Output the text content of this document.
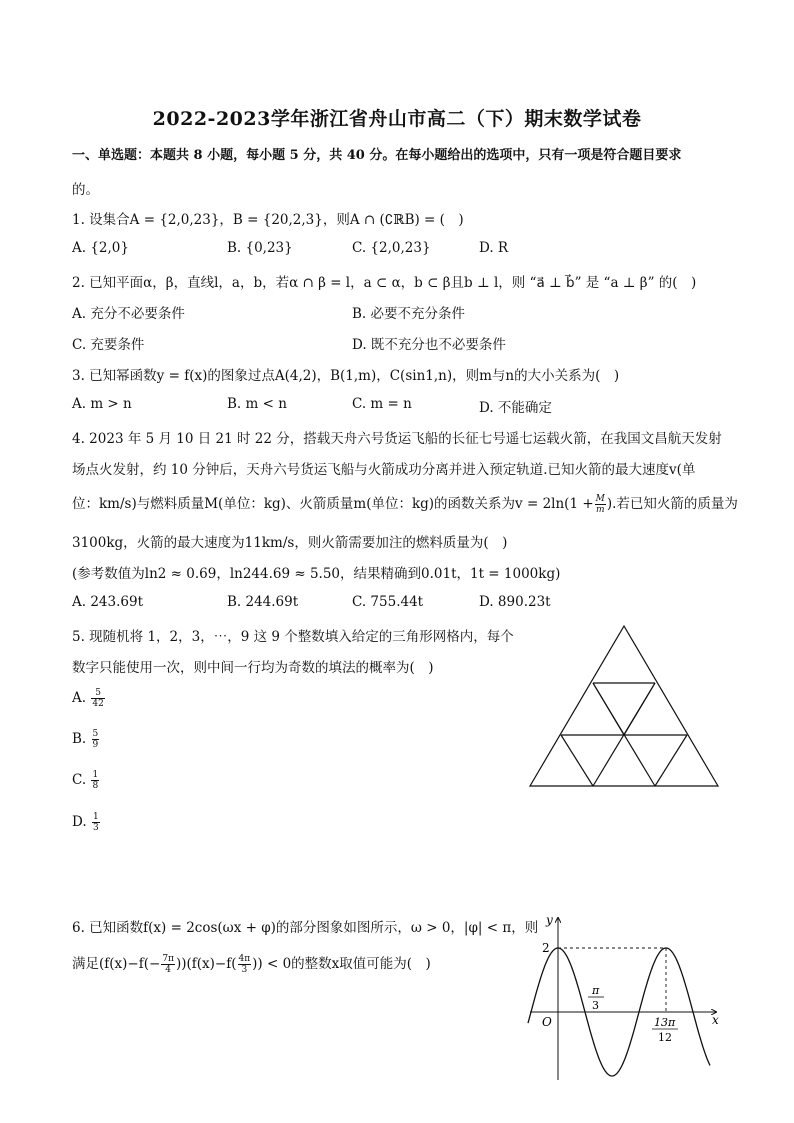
2022-2023学年浙江省舟山市高二（下）期末数学试卷
一、单选题：本题共 8 小题，每小题 5 分，共 40 分。在每小题给出的选项中，只有一项是符合题目要求
的。
1. 设集合A = {2,0,23}，B = {20,2,3}，则A ∩ (∁ℝB) = (　)
A. {2,0}	B. {0,23}	C. {2,0,23}	D. R
2. 已知平面α，β，直线l，a，b，若α ∩ β = l，a ⊂ α，b ⊂ β且b ⊥ l，则 “a⃗ ⊥ b⃗” 是 “a ⊥ β” 的(　)
A. 充分不必要条件	B. 必要不充分条件
C. 充要条件	D. 既不充分也不必要条件
3. 已知幂函数y = f(x)的图象过点A(4,2)，B(1,m)，C(sin1,n)，则m与n的大小关系为(　)
A. m > n	B. m < n	C. m = n	D. 不能确定
4. 2023 年 5 月 10 日 21 时 22 分，搭载天舟六号货运飞船的长征七号遥七运载火箭，在我国文昌航天发射
场点火发射，约 10 分钟后，天舟六号货运飞船与火箭成功分离并进入预定轨道.已知火箭的最大速度v(单
位：km/s)与燃料质量M(单位：kg)、火箭质量m(单位：kg)的函数关系为$v = 2\ln(1 + \frac{M}{m}$ ).若已知火箭的质量为
3100kg，火箭的最大速度为11km/s，则火箭需要加注的燃料质量为(　)
(参考数值为ln2 ≈ 0.69，ln244.69 ≈ 5.50，结果精确到0.01t，1t = 1000kg)
A. 243.69t	B. 244.69t	C. 755.44t	D. 890.23t
5. 现随机将 1，2，3，⋯，9 这 9 个整数填入给定的三角形网格内，每个
数字只能使用一次，则中间一行均为奇数的填法的概率为(　)
A. $\frac{5}{42}$
B. $\frac{5}{9}$
C. $\frac{1}{8}$
D. $\frac{1}{3}$
6. 已知函数f(x) = 2cos(ωx + φ)的部分图象如图所示，ω > 0，|φ| < π，则
满足$(f(x)-f(- \frac{7\pi}{4} ))(f(x)-f( \frac{4\pi}{3}$ )) < 0的整数x取值可能为(　)
y
x
O
2
π
3
13π
12
